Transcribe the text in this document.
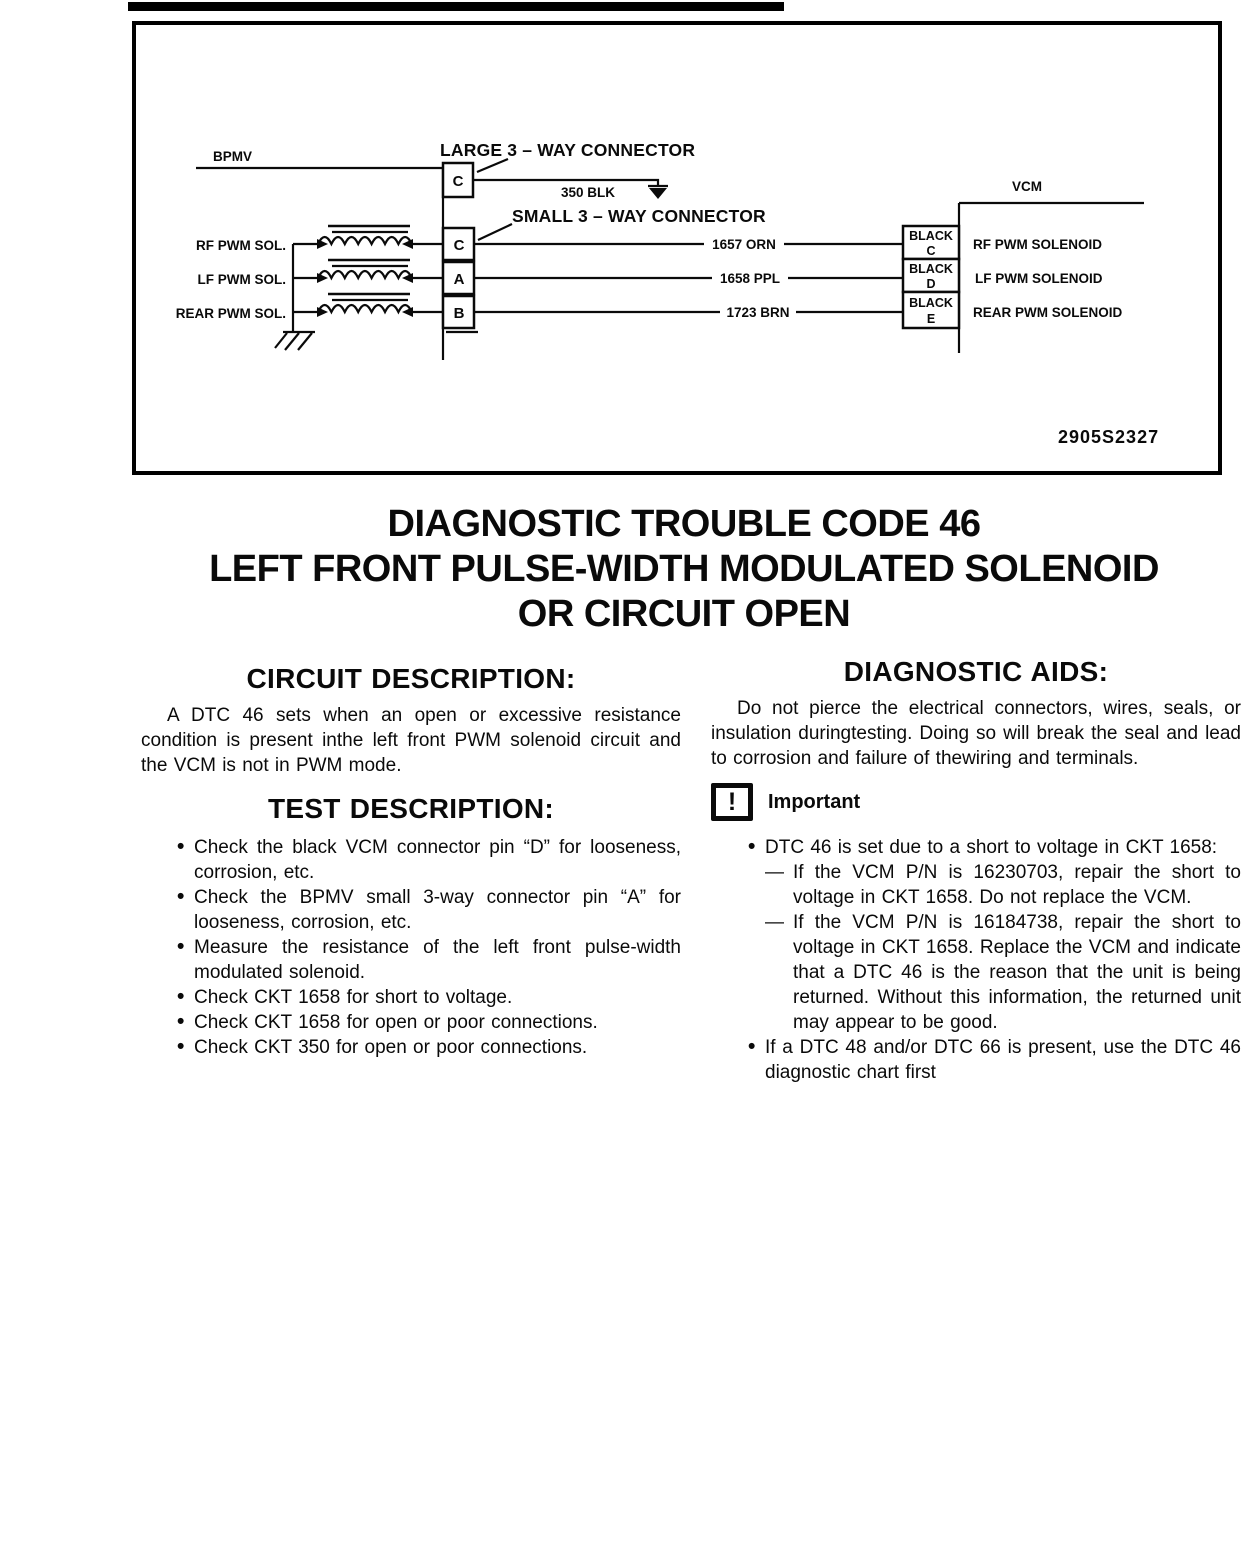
BPMV	LARGE 3 – WAY CONNECTOR
SMALL 3 – WAY CONNECTOR
350 BLK
C
RF PWM SOL.
LF PWM SOL.
REAR PWM SOL.
C
A
B
1657 ORN
1658 PPL
1723 BRN
BLACK
C
BLACK
D
BLACK
E
VCM
RF PWM SOLENOID
LF PWM SOLENOID
REAR PWM SOLENOID
2905S2327
DIAGNOSTIC TROUBLE CODE 46
LEFT FRONT PULSE-WIDTH MODULATED SOLENOID
OR CIRCUIT OPEN
CIRCUIT DESCRIPTION:

A DTC 46 sets when an open or excessive resistance condition is present inthe left front PWM solenoid circuit and the VCM is not in PWM mode.

TEST DESCRIPTION:
• Check the black VCM connector pin “D” for looseness, corrosion, etc.
• Check the BPMV small 3-way connector pin “A” for looseness, corrosion, etc.
• Measure the resistance of the left front pulse-width modulated solenoid.
• Check CKT 1658 for short to voltage.
• Check CKT 1658 for open or poor connections.
• Check CKT 350 for open or poor connections.
DIAGNOSTIC AIDS:

Do not pierce the electrical connectors, wires, seals, or insulation duringtesting. Doing so will break the seal and lead to corrosion and failure of thewiring and terminals.

! Important
• DTC 46 is set due to a short to voltage in CKT 1658:
— If the VCM P/N is 16230703, repair the short to voltage in CKT 1658. Do not replace the VCM.
— If the VCM P/N is 16184738, repair the short to voltage in CKT 1658. Replace the VCM and indicate that a DTC 46 is the reason that the unit is being returned. Without this information, the returned unit may appear to be good.
• If a DTC 48 and/or DTC 66 is present, use the DTC 46 diagnostic chart first
